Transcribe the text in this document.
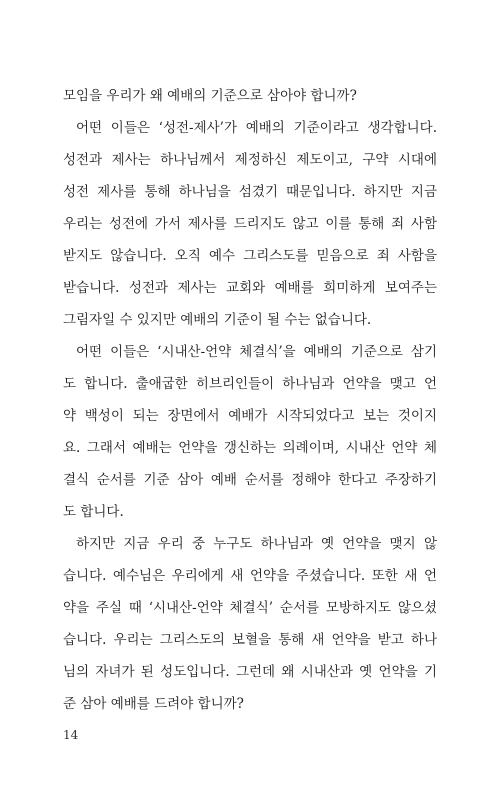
모임을 우리가 왜 예배의 기준으로 삼아야 합니까?
어떤 이들은 ‘성전-제사’가 예배의 기준이라고 생각합니다.
성전과 제사는 하나님께서 제정하신 제도이고, 구약 시대에
성전 제사를 통해 하나님을 섬겼기 때문입니다. 하지만 지금
우리는 성전에 가서 제사를 드리지도 않고 이를 통해 죄 사함
받지도 않습니다. 오직 예수 그리스도를 믿음으로 죄 사함을
받습니다. 성전과 제사는 교회와 예배를 희미하게 보여주는
그림자일 수 있지만 예배의 기준이 될 수는 없습니다.
어떤 이들은 ‘시내산-언약 체결식’을 예배의 기준으로 삼기
도 합니다. 출애굽한 히브리인들이 하나님과 언약을 맺고 언
약 백성이 되는 장면에서 예배가 시작되었다고 보는 것이지
요. 그래서 예배는 언약을 갱신하는 의례이며, 시내산 언약 체
결식 순서를 기준 삼아 예배 순서를 정해야 한다고 주장하기
도 합니다.
하지만 지금 우리 중 누구도 하나님과 옛 언약을 맺지 않
습니다. 예수님은 우리에게 새 언약을 주셨습니다. 또한 새 언
약을 주실 때 ‘시내산-언약 체결식’ 순서를 모방하지도 않으셨
습니다. 우리는 그리스도의 보혈을 통해 새 언약을 받고 하나
님의 자녀가 된 성도입니다. 그런데 왜 시내산과 옛 언약을 기
준 삼아 예배를 드려야 합니까?
14
